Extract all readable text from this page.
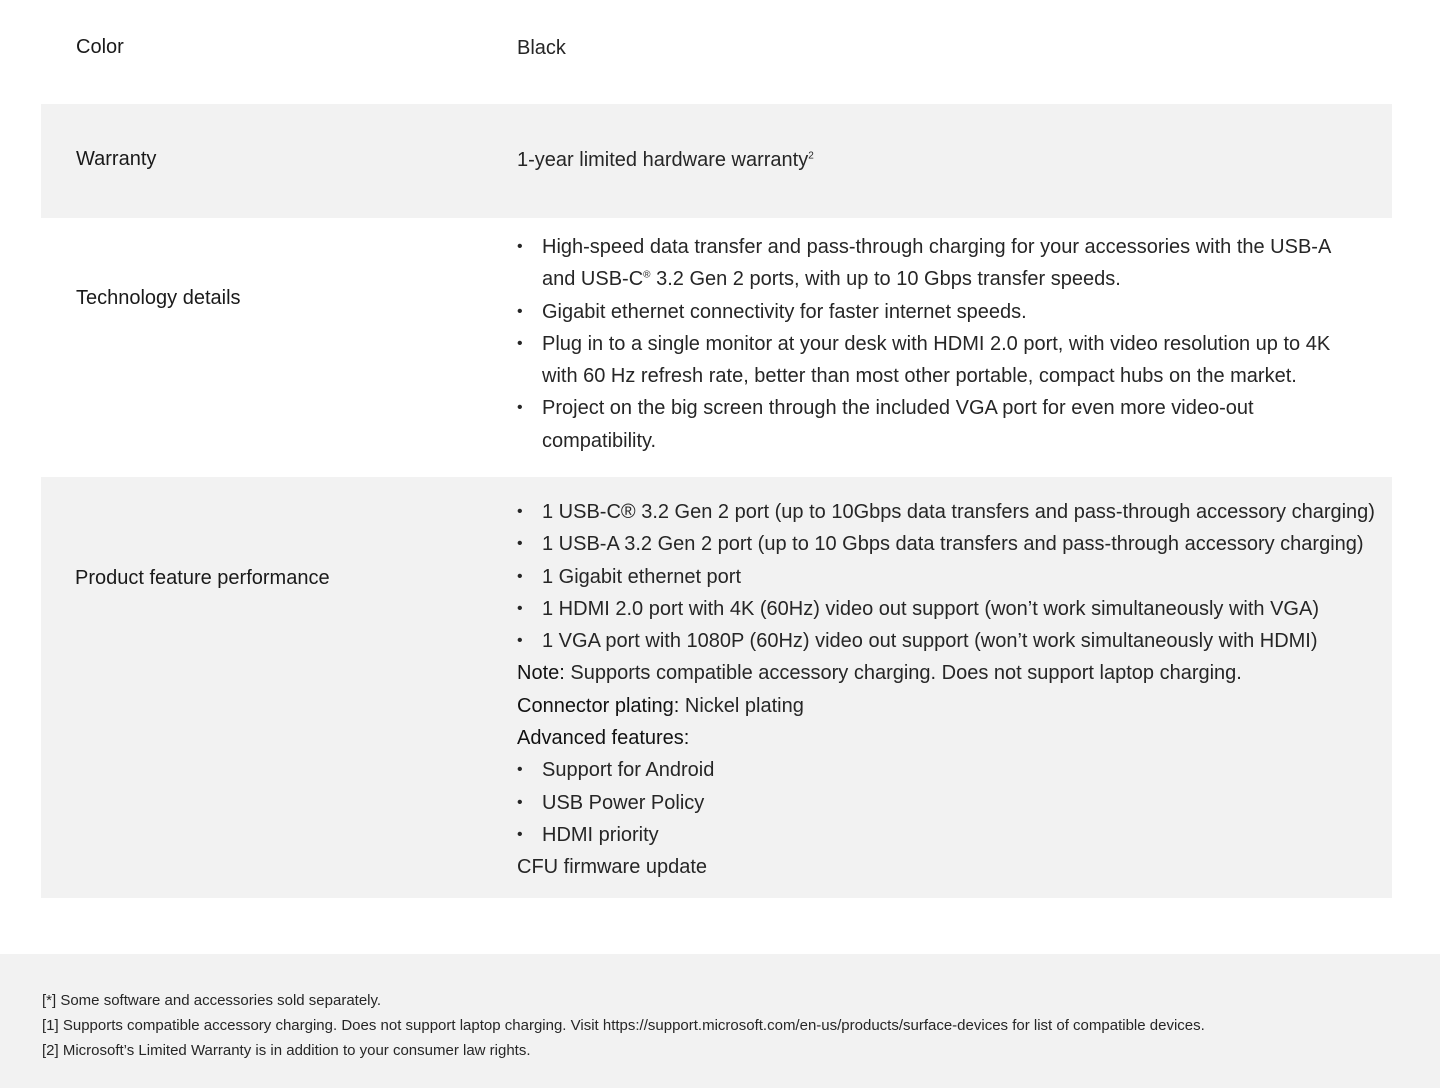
Color	Black
Warranty	1-year limited hardware warranty$^2$
Technology details
• High-speed data transfer and pass-through charging for your accessories with the USB-A and USB-C® 3.2 Gen 2 ports, with up to 10 Gbps transfer speeds.
• Gigabit ethernet connectivity for faster internet speeds.
• Plug in to a single monitor at your desk with HDMI 2.0 port, with video resolution up to 4K with 60 Hz refresh rate, better than most other portable, compact hubs on the market.
• Project on the big screen through the included VGA port for even more video-out compatibility.
Product feature performance
• 1 USB-C® 3.2 Gen 2 port (up to 10Gbps data transfers and pass-through accessory charging)
• 1 USB-A 3.2 Gen 2 port (up to 10 Gbps data transfers and pass-through accessory charging)
• 1 Gigabit ethernet port
• 1 HDMI 2.0 port with 4K (60Hz) video out support (won’t work simultaneously with VGA)
• 1 VGA port with 1080P (60Hz) video out support (won’t work simultaneously with HDMI)
Note: Supports compatible accessory charging. Does not support laptop charging.
Connector plating: Nickel plating
Advanced features:
• Support for Android
• USB Power Policy
• HDMI priority
CFU firmware update
[*] Some software and accessories sold separately.
[1] Supports compatible accessory charging. Does not support laptop charging. Visit https://support.microsoft.com/en-us/products/surface-devices for list of compatible devices.
[2] Microsoft’s Limited Warranty is in addition to your consumer law rights.
